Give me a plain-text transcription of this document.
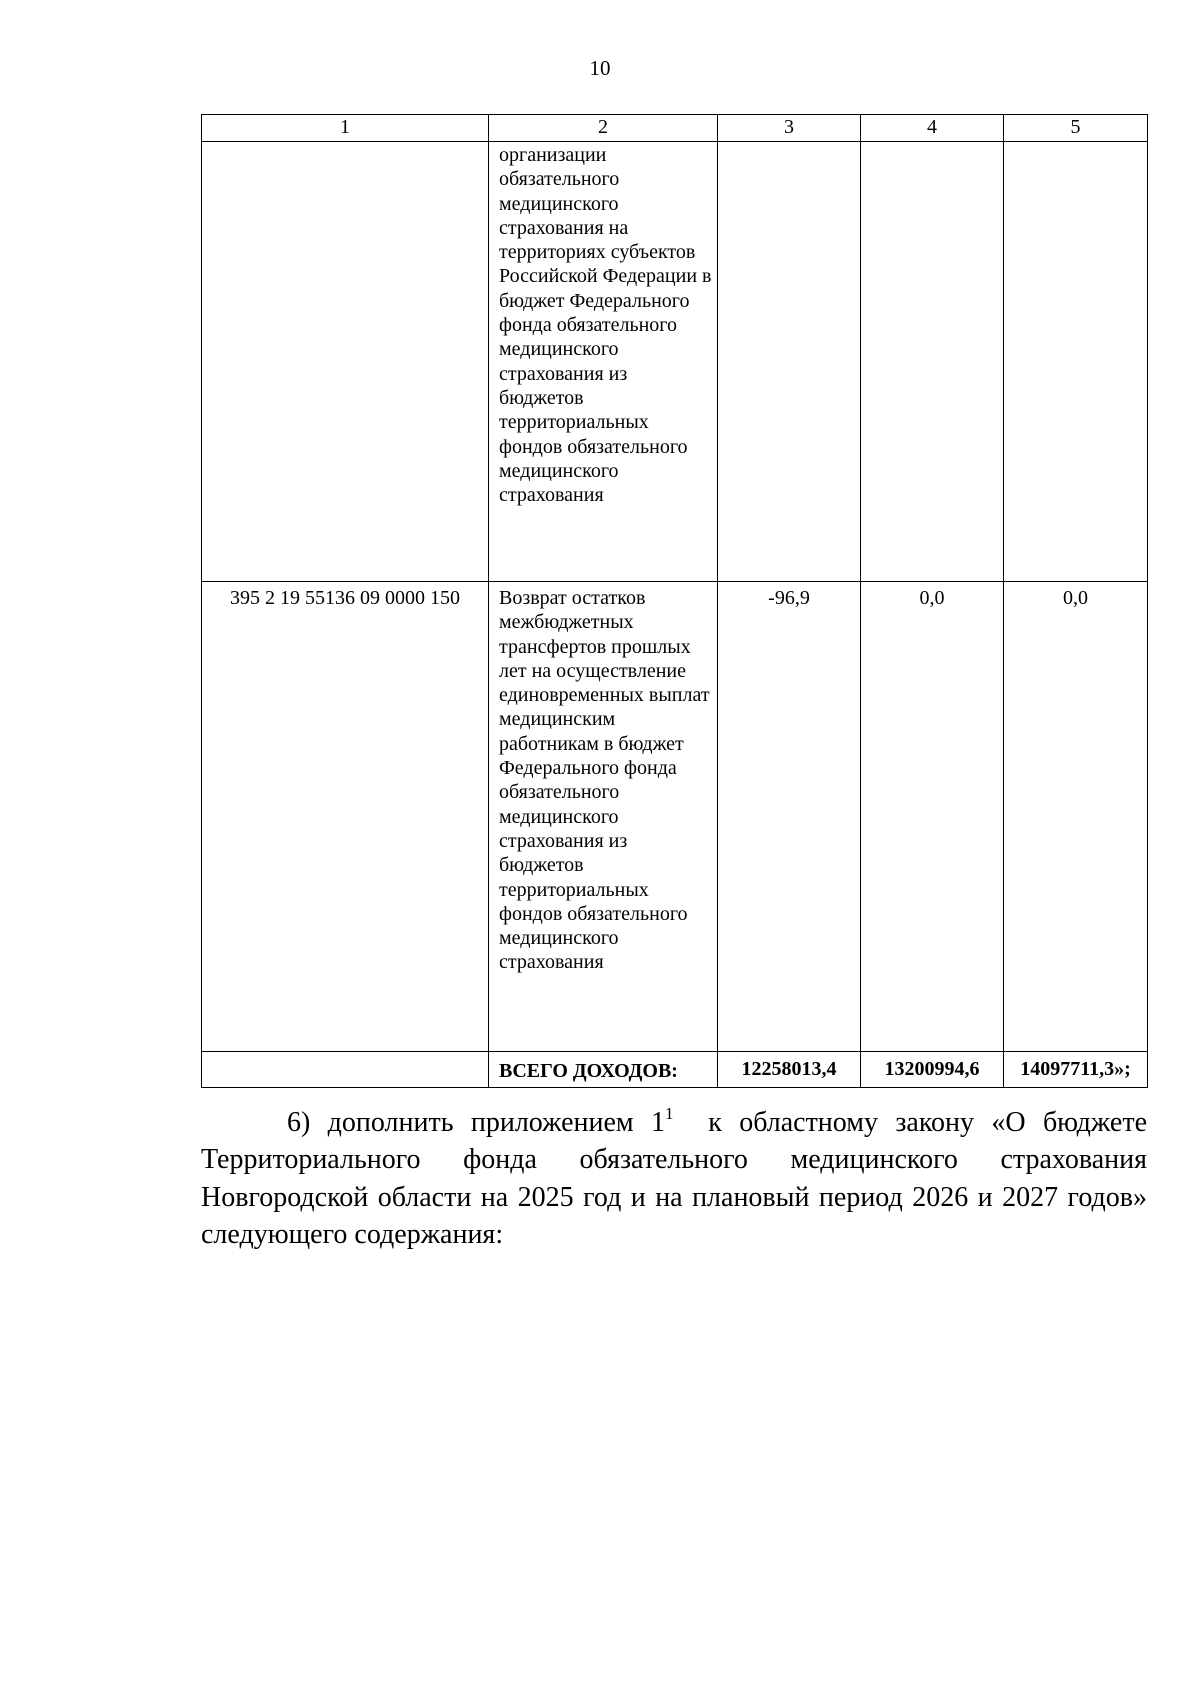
10
1	2	3	4	5
	организации обязательного медицинского страхования на территориях субъектов Российской Федерации в бюджет Федерального фонда обязательного медицинского страхования из бюджетов территориальных фондов обязательного медицинского страхования			
395 2 19 55136 09 0000 150	Возврат остатков межбюджетных трансфертов прошлых лет на осуществление единовременных выплат медицинским работникам в бюджет Федерального фонда обязательного медицинского страхования из бюджетов территориальных фондов обязательного медицинского страхования	-96,9	0,0	0,0
	ВСЕГО ДОХОДОВ:	12258013,4	13200994,6	14097711,3»;

6) дополнить приложением $1^1$  к областному закону «О бюджете Территориального фонда обязательного медицинского страхования Новгородской области на 2025 год и на плановый период 2026 и 2027 годов» следующего содержания:
